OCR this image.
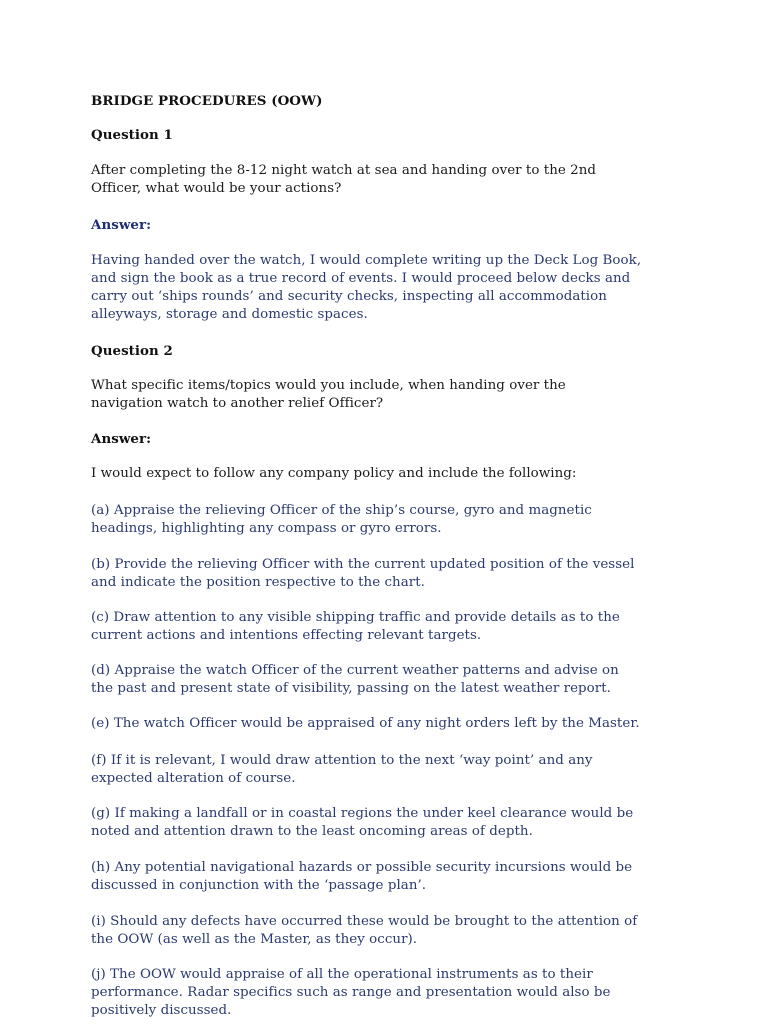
BRIDGE PROCEDURES (OOW)
Question 1
After completing the 8-12 night watch at sea and handing over to the 2nd
Officer, what would be your actions?
Answer:
Having handed over the watch, I would complete writing up the Deck Log Book,
and sign the book as a true record of events. I would proceed below decks and
carry out ‘ships rounds’ and security checks, inspecting all accommodation
alleyways, storage and domestic spaces.
Question 2
What specific items/topics would you include, when handing over the
navigation watch to another relief Officer?
Answer:
I would expect to follow any company policy and include the following:
(a) Appraise the relieving Officer of the ship’s course, gyro and magnetic
headings, highlighting any compass or gyro errors.
(b) Provide the relieving Officer with the current updated position of the vessel
and indicate the position respective to the chart.
(c) Draw attention to any visible shipping traffic and provide details as to the
current actions and intentions effecting relevant targets.
(d) Appraise the watch Officer of the current weather patterns and advise on
the past and present state of visibility, passing on the latest weather report.
(e) The watch Officer would be appraised of any night orders left by the Master.
(f) If it is relevant, I would draw attention to the next ‘way point’ and any
expected alteration of course.
(g) If making a landfall or in coastal regions the under keel clearance would be
noted and attention drawn to the least oncoming areas of depth.
(h) Any potential navigational hazards or possible security incursions would be
discussed in conjunction with the ‘passage plan’.
(i) Should any defects have occurred these would be brought to the attention of
the OOW (as well as the Master, as they occur).
(j) The OOW would appraise of all the operational instruments as to their
performance. Radar specifics such as range and presentation would also be
positively discussed.
